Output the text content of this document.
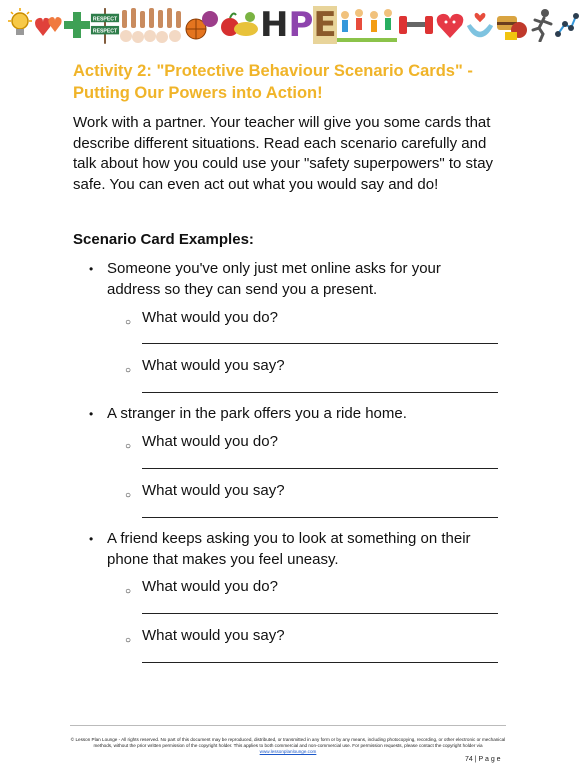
RESPECT
RESPECT	H P E
Activity 2: "Protective Behaviour Scenario Cards" - Putting Our Powers into Action!

Work with a partner. Your teacher will give you some cards that describe different situations. Read each scenario carefully and talk about how you could use your "safety superpowers" to stay safe. You can even act out what you would say and do!

Scenario Card Examples:

• Someone you've only just met online asks for your address so they can send you a present.
○ What would you do?
○ What would you say?
• A stranger in the park offers you a ride home.
○ What would you do?
○ What would you say?
• A friend keeps asking you to look at something on their phone that makes you feel uneasy.
○ What would you do?
○ What would you say?
© Lesson Plan Lounge - All rights reserved. No part of this document may be reproduced, distributed, or transmitted in any form or by any means, including photocopying, recording, or other electronic or mechanical methods, without the prior written permission of the copyright holder. This applies to both commercial and non-commercial use. For permission requests, please contact the copyright holder via
www.lessonplanlounge.com
74 | P a g e
